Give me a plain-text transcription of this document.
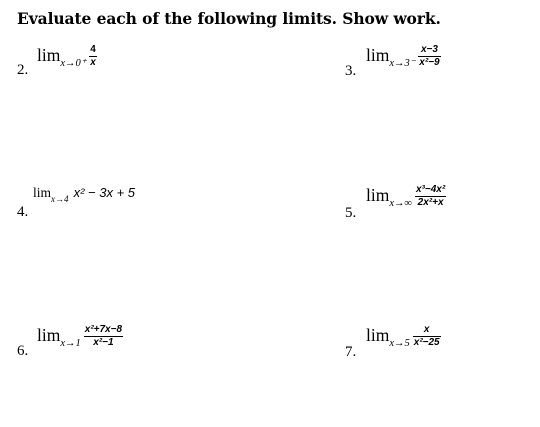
Evaluate each of the following limits. Show work.
2.
$\lim_{x\to 0^+} \frac{4}{x}$
3.
$\lim_{x\to 3^-} \frac{x-3}{\text{x²−9}}$
4.
$\lim_{x\to 4} x^2 - 3x + 5$
5.
$\lim_{x\to\infty} \frac{\text{x³−4x²}}{\text{2x²+x}}$
6.
$\lim_{x\to 1} \frac{\text{x²+7x−8}}{\text{x²−1}}$
7.
$\lim_{x\to 5} \frac{x}{\text{x²−25}}$
